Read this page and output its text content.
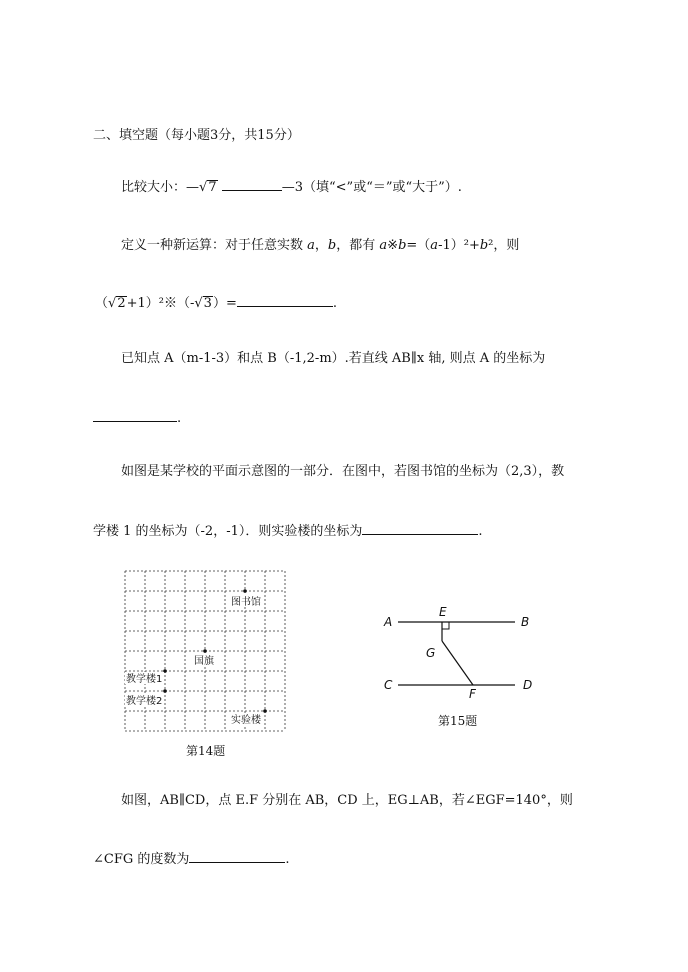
二、填空题（每小题3分，共15分）
比较大小：—√7	—3（填“<”或“＝”或“大于”）.
定义一种新运算：对于任意实数 a，b，都有 a※b=（a-1）²+b²，则
（√2+1）²※（-√3）=	.
已知点 A（m-1-3）和点 B（-1,2-m）.若直线 AB∥x 轴, 则点 A 的坐标为
.
如图是某学校的平面示意图的一部分．在图中，若图书馆的坐标为（2,3），教
学楼 1 的坐标为（-2，-1）．则实验楼的坐标为	.
图书馆
国旗
教学楼1
教学楼2
实验楼
第14题
A	B
E
G
C	D
F
第15题
如图，AB∥CD，点 E.F 分别在 AB，CD 上，EG⊥AB，若∠EGF=140°，则
∠CFG 的度数为	.
